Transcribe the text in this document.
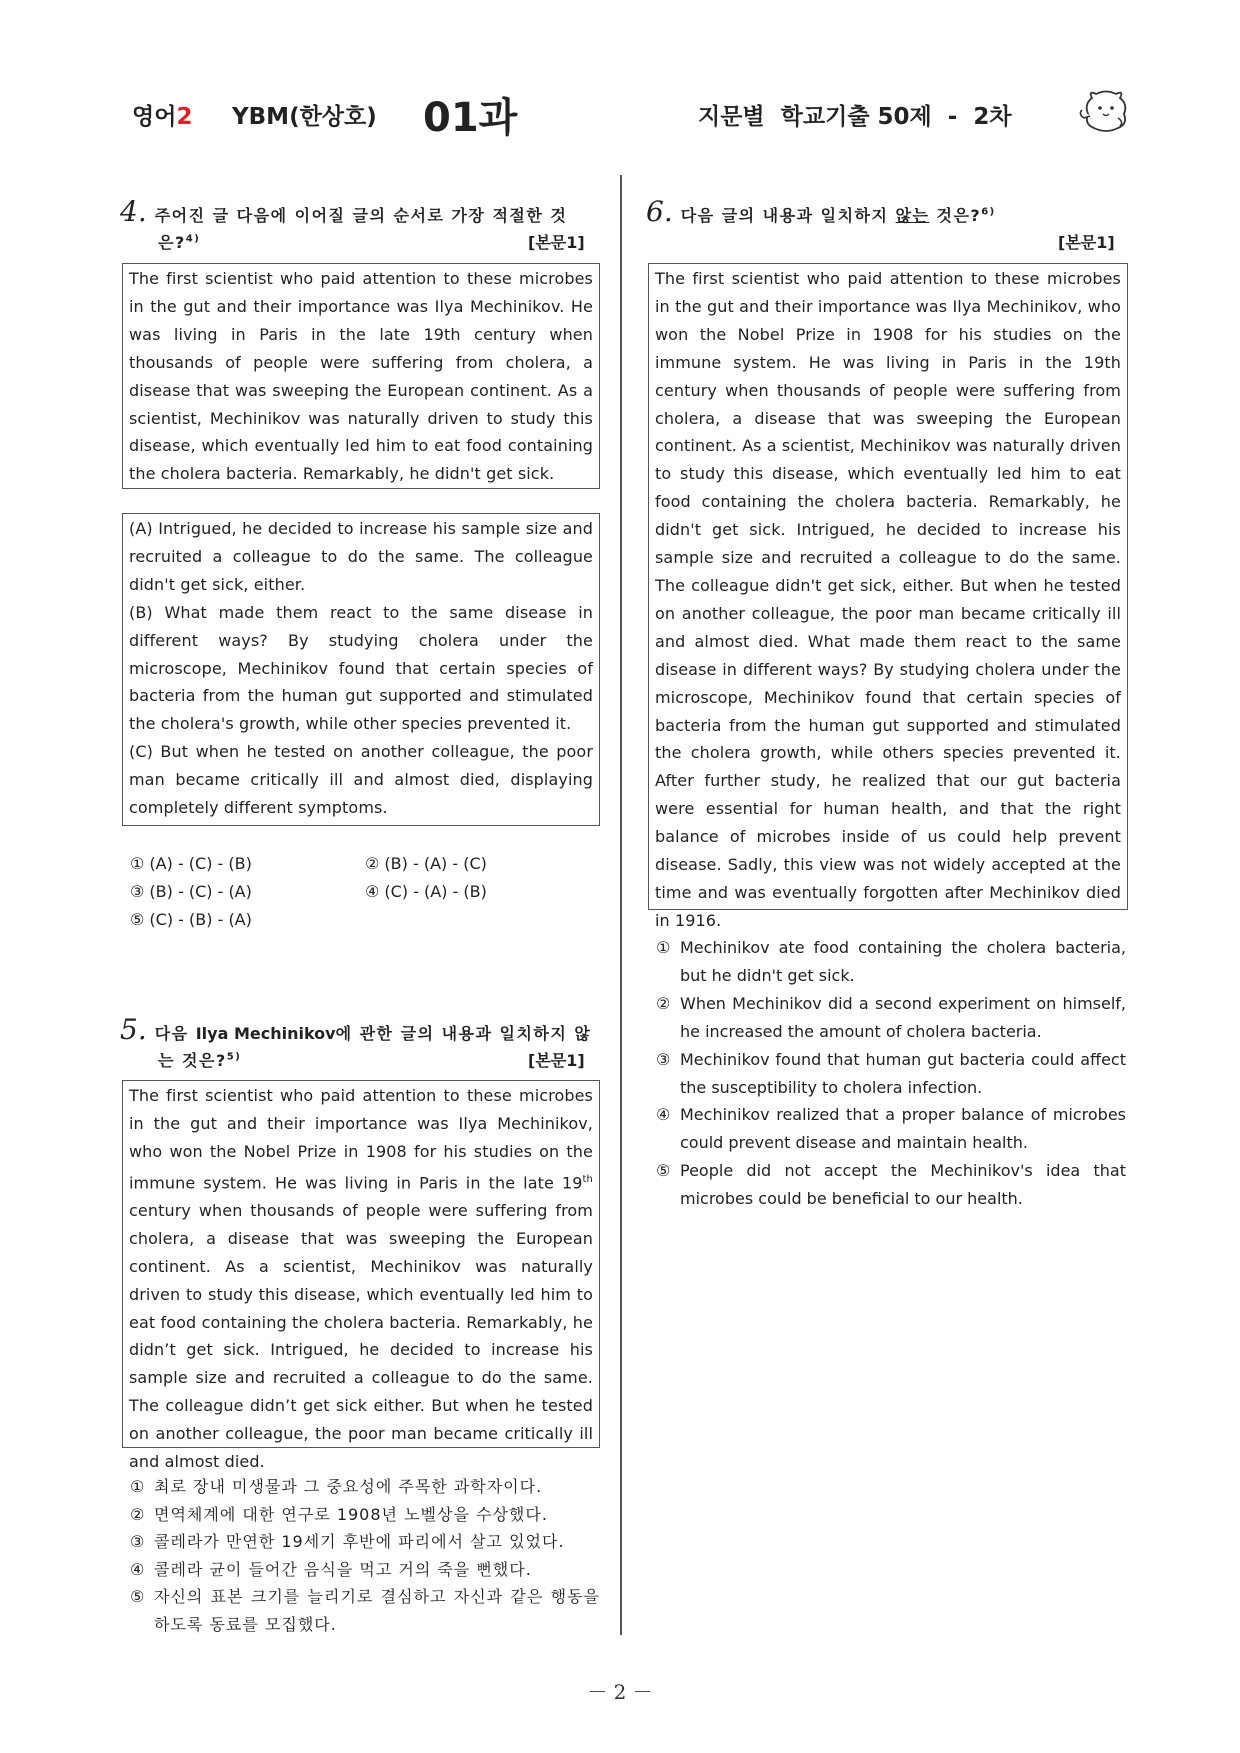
영어2 YBM(한상호) 01과	지문별  학교기출 50제  -  2차
4. 주어진 글 다음에 이어질 글의 순서로 가장 적절한 것
은?$^{4)}$	[본문1]

The first scientist who paid attention to these microbes in the gut and their importance was Ilya Mechinikov. He was living in Paris in the late 19th century when thousands of people were suffering from cholera, a disease that was sweeping the European continent. As a scientist, Mechinikov was naturally driven to study this disease, which eventually led him to eat food containing the cholera bacteria. Remarkably, he didn't get sick.

(A) Intrigued, he decided to increase his sample size and recruited a colleague to do the same. The colleague didn't get sick, either.

(B) What made them react to the same disease in different ways? By studying cholera under the microscope, Mechinikov found that certain species of bacteria from the human gut supported and stimulated the cholera's growth, while other species prevented it.

(C) But when he tested on another colleague, the poor man became critically ill and almost died, displaying completely different symptoms.

① (A) - (C) - (B)	② (B) - (A) - (C)
③ (B) - (C) - (A)	④ (C) - (A) - (B)
⑤ (C) - (B) - (A)
5. 다음 Ilya Mechinikov에 관한 글의 내용과 일치하지 않
는 것은?$^{5)}$	[본문1]

The first scientist who paid attention to these microbes in the gut and their importance was Ilya Mechinikov, who won the Nobel Prize in 1908 for his studies on the immune system. He was living in Paris in the late 19th century when thousands of people were suffering from cholera, a disease that was sweeping the European continent. As a scientist, Mechinikov was naturally driven to study this disease, which eventually led him to eat food containing the cholera bacteria. Remarkably, he didn’t get sick. Intrigued, he decided to increase his sample size and recruited a colleague to do the same. The colleague didn’t get sick either. But when he tested on another colleague, the poor man became critically ill and almost died.

① 최로 장내 미생물과 그 중요성에 주목한 과학자이다.
② 면역체계에 대한 연구로 1908년 노벨상을 수상했다.
③ 콜레라가 만연한 19세기 후반에 파리에서 살고 있었다.
④ 콜레라 균이 들어간 음식을 먹고 거의 죽을 뻔했다.
⑤ 자신의 표본 크기를 늘리기로 결심하고 자신과 같은 행동을 하도록 동료를 모집했다.
6. 다음 글의 내용과 일치하지 않는 것은?$^{6)}$
[본문1]

The first scientist who paid attention to these microbes in the gut and their importance was Ilya Mechinikov, who won the Nobel Prize in 1908 for his studies on the immune system. He was living in Paris in the 19th century when thousands of people were suffering from cholera, a disease that was sweeping the European continent. As a scientist, Mechinikov was naturally driven to study this disease, which eventually led him to eat food containing the cholera bacteria. Remarkably, he didn't get sick. Intrigued, he decided to increase his sample size and recruited a colleague to do the same. The colleague didn't get sick, either. But when he tested on another colleague, the poor man became critically ill and almost died. What made them react to the same disease in different ways? By studying cholera under the microscope, Mechinikov found that certain species of bacteria from the human gut supported and stimulated the cholera growth, while others species prevented it. After further study, he realized that our gut bacteria were essential for human health, and that the right balance of microbes inside of us could help prevent disease. Sadly, this view was not widely accepted at the time and was eventually forgotten after Mechinikov died in 1916.

① Mechinikov ate food containing the cholera bacteria, but he didn't get sick.
② When Mechinikov did a second experiment on himself, he increased the amount of cholera bacteria.
③ Mechinikov found that human gut bacteria could affect the susceptibility to cholera infection.
④ Mechinikov realized that a proper balance of microbes could prevent disease and maintain health.
⑤ People did not accept the Mechinikov's idea that microbes could be beneficial to our health.
－ 2 －
